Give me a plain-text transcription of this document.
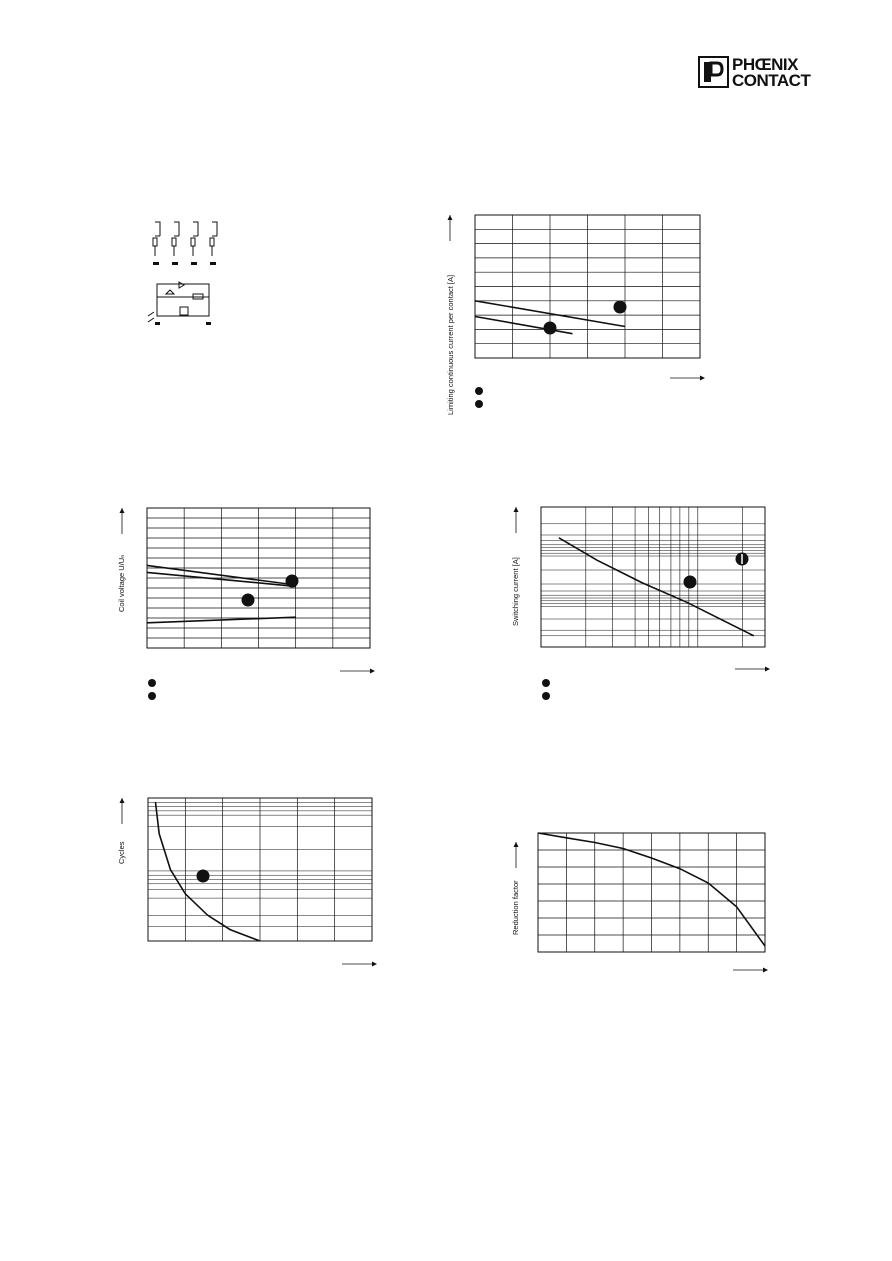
PHŒNIX
CONTACT
Limiting continuous current per contact [A]
Coil voltage U/Uₙ	Switching current [A]
Cycles
Reduction factor
